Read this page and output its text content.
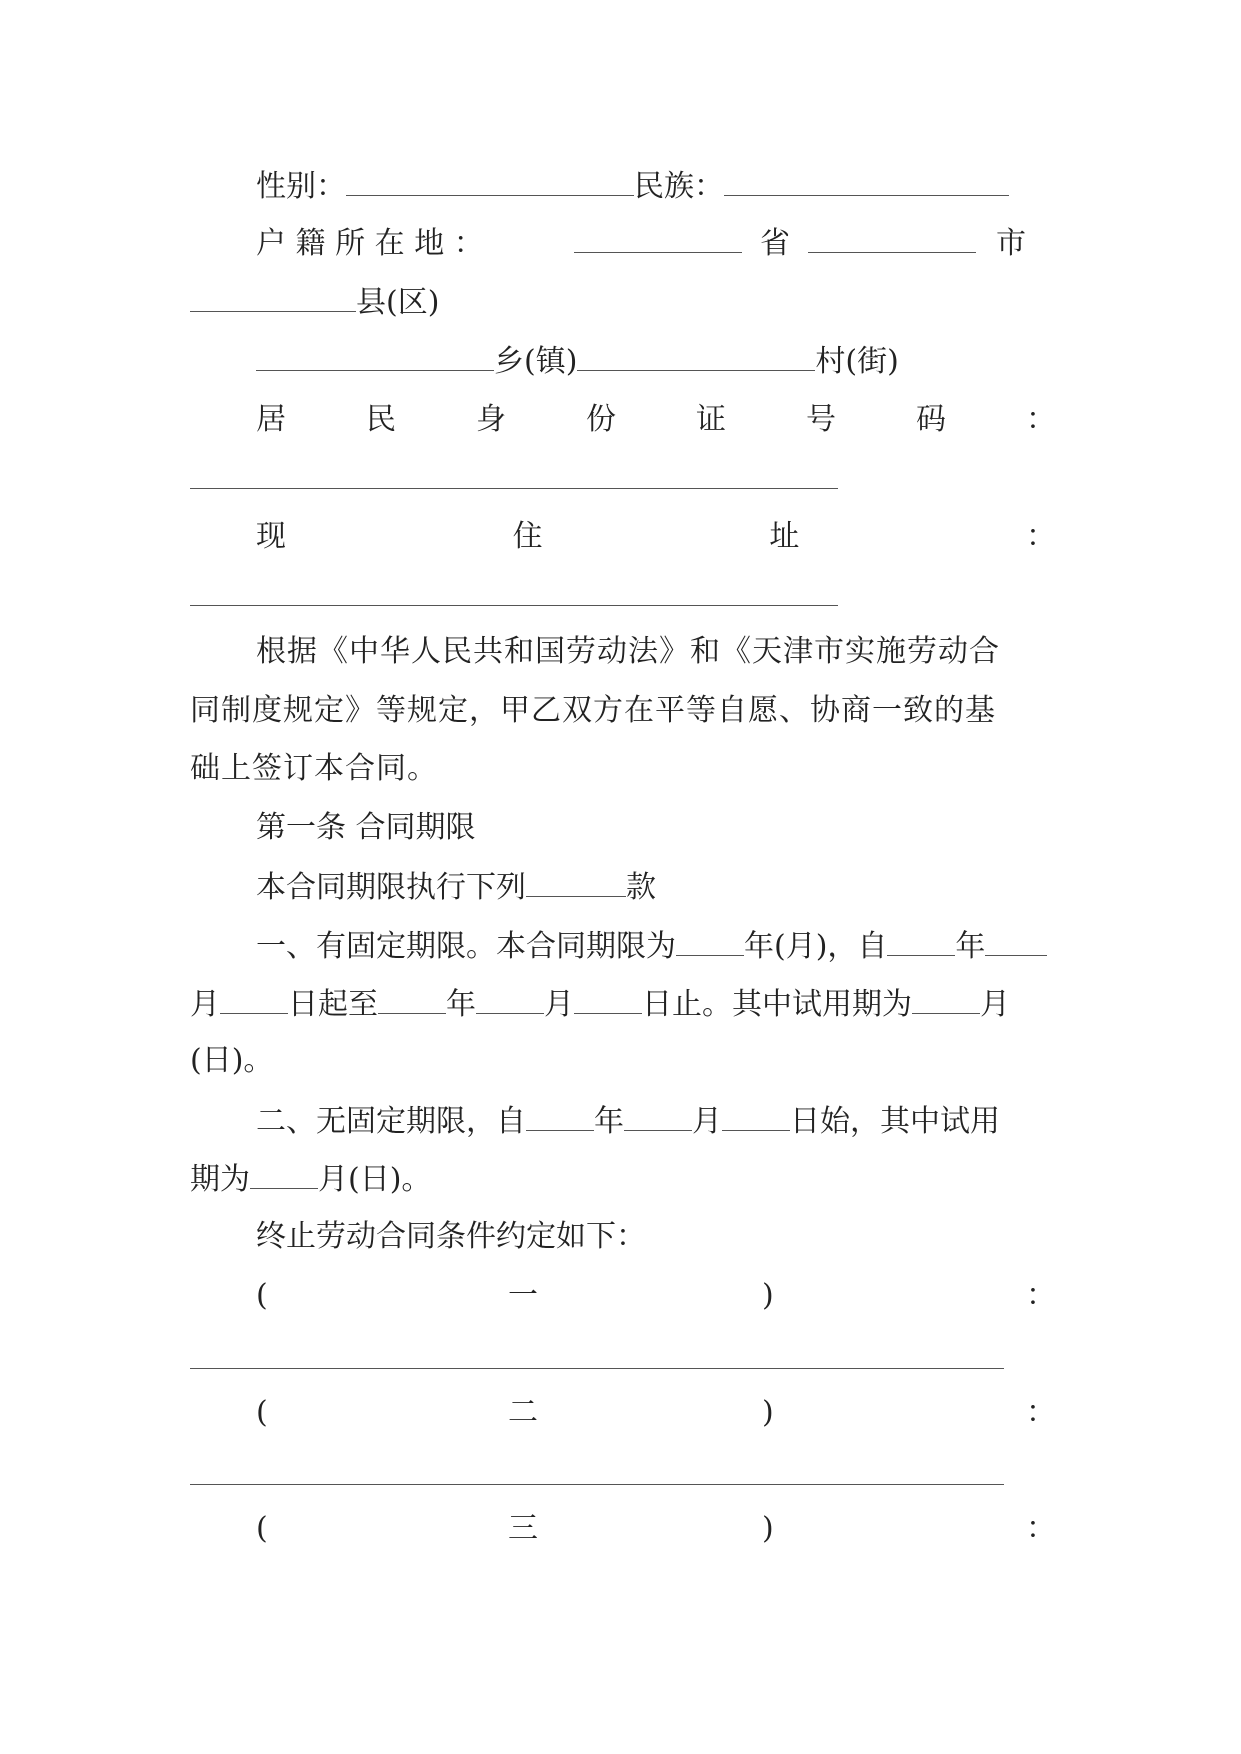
性别：	民族：
户 籍 所 在 地 ：	省	市
县(区)
乡(镇)	村(街)
居	民	身	份	证	号	码	：
现	住	址	：
根据《中华人民共和国劳动法》和《天津市实施劳动合
同制度规定》等规定，甲乙双方在平等自愿、协商一致的基
础上签订本合同。
第一条 合同期限
本合同期限执行下列	款
一、有固定期限。本合同期限为 年(月)，自 年
月 日起至 年 月 日止。其中试用期为 月
(日)。
二、无固定期限，自 年 月 日始，其中试用
期为 月(日)。
终止劳动合同条件约定如下：
(	一	)	：
(	二	)	：
(	三	)	：
